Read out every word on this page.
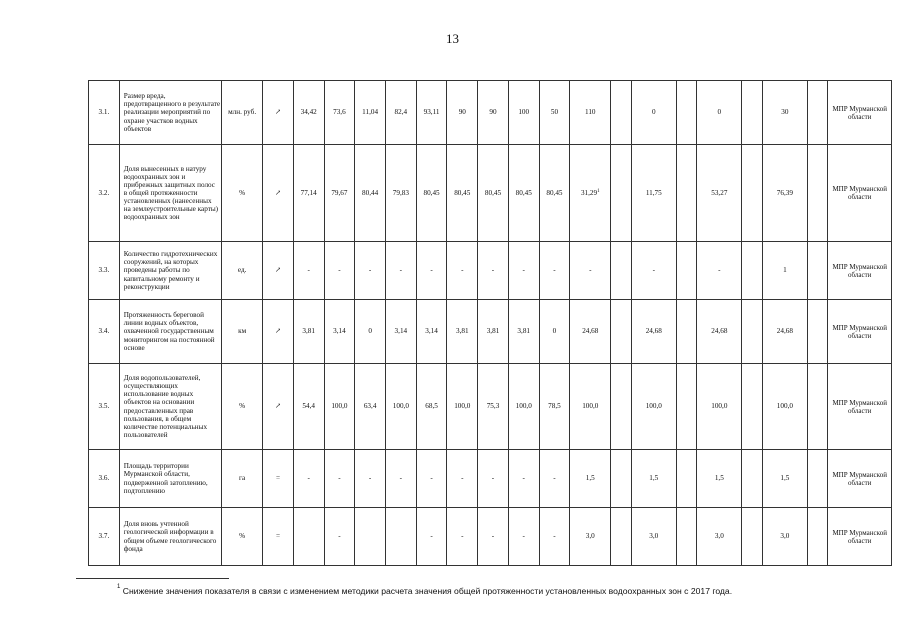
13
3.1.	Размер вреда, предотвращенного в результате реализации мероприятий по охране участков водных объектов	млн. руб.	↗	34,42	73,6	11,04	82,4	93,11	90	90	100	50	110		0		0		30		МПР Мурманской области
3.2.	Доля вынесенных в натуру водоохранных зон и прибрежных защитных полос в общей протяженности установленных (нанесенных на землеустроительные карты) водоохранных зон	%	↗	77,14	79,67	80,44	79,83	80,45	80,45	80,45	80,45	80,45	31,29$^1$		11,75		53,27		76,39		МПР Мурманской области
3.3.	Количество гидротехнических сооружений, на которых проведены работы по капитальному ремонту и реконструкции	ед.	↗	-	-	-	-	-	-	-	-	-	-		-		-		1		МПР Мурманской области
3.4.	Протяженность береговой линии водных объектов, охваченной государственным мониторингом на постоянной основе	км	↗	3,81	3,14	0	3,14	3,14	3,81	3,81	3,81	0	24,68		24,68		24,68		24,68		МПР Мурманской области
3.5.	Доля водопользователей, осуществляющих использование водных объектов на основании предоставленных прав пользования, в общем количестве потенциальных пользователей	%	↗	54,4	100,0	63,4	100,0	68,5	100,0	75,3	100,0	78,5	100,0		100,0		100,0		100,0		МПР Мурманской области
3.6.	Площадь территории Мурманской области, подверженной затоплению, подтоплению	га	=	-	-	-	-	-	-	-	-	-	1,5		1,5		1,5		1,5		МПР Мурманской области
3.7.	Доля вновь учтенной геологической информации в общем объеме геологического фонда	%	=		-			-	-	-	-	-	3,0		3,0		3,0		3,0		МПР Мурманской области
$^1$ Снижение значения показателя в связи с изменением методики расчета значения общей протяженности установленных водоохранных зон с 2017 года.
